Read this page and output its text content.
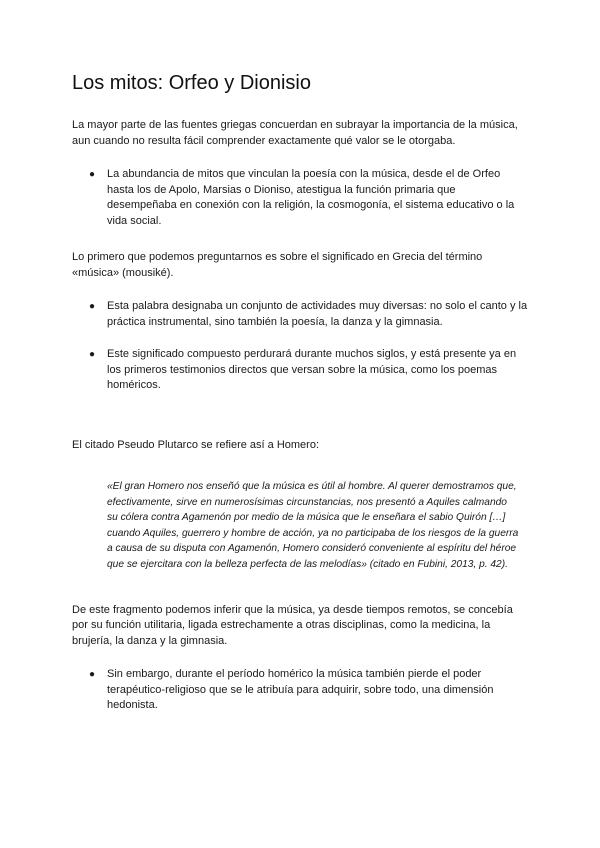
Los mitos: Orfeo y Dionisio

La mayor parte de las fuentes griegas concuerdan en subrayar la importancia de la música, aun cuando no resulta fácil comprender exactamente qué valor se le otorgaba.

● La abundancia de mitos que vinculan la poesía con la música, desde el de Orfeo hasta los de Apolo, Marsias o Dioniso, atestigua la función primaria que desempeñaba en conexión con la religión, la cosmogonía, el sistema educativo o la vida social.

Lo primero que podemos preguntarnos es sobre el significado en Grecia del término «música» (mousiké).

● Esta palabra designaba un conjunto de actividades muy diversas: no solo el canto y la práctica instrumental, sino también la poesía, la danza y la gimnasia.
● Este significado compuesto perdurará durante muchos siglos, y está presente ya en los primeros testimonios directos que versan sobre la música, como los poemas homéricos.

El citado Pseudo Plutarco se refiere así a Homero:

«El gran Homero nos enseñó que la música es útil al hombre. Al querer demostramos que, efectivamente, sirve en numerosísimas circunstancias, nos presentó a Aquiles calmando su cólera contra Agamenón por medio de la música que le enseñara el sabio Quirón […] cuando Aquiles, guerrero y hombre de acción, ya no participaba de los riesgos de la guerra a causa de su disputa con Agamenón, Homero consideró conveniente al espíritu del héroe que se ejercitara con la belleza perfecta de las melodías» (citado en Fubini, 2013, p. 42).

De este fragmento podemos inferir que la música, ya desde tiempos remotos, se concebía por su función utilitaria, ligada estrechamente a otras disciplinas, como la medicina, la brujería, la danza y la gimnasia.

● Sin embargo, durante el período homérico la música también pierde el poder terapéutico-religioso que se le atribuía para adquirir, sobre todo, una dimensión hedonista.
